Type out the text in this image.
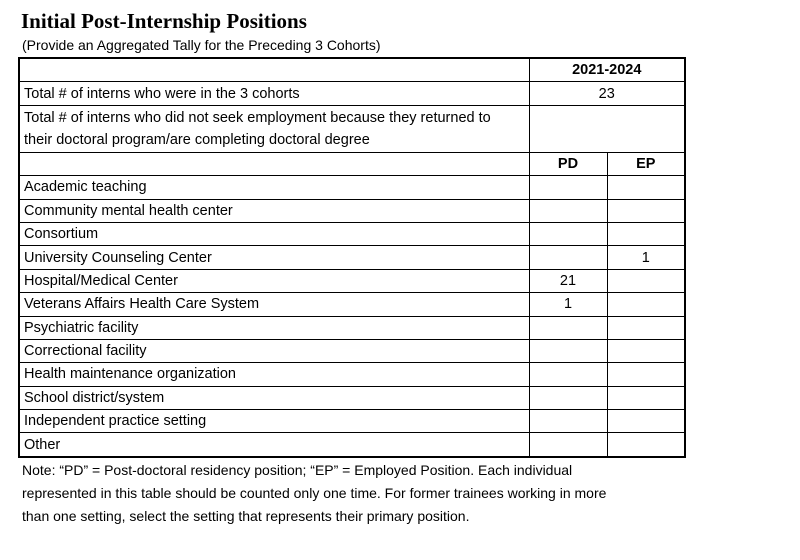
Initial Post-Internship Positions
(Provide an Aggregated Tally for the Preceding 3 Cohorts)
	2021-2024	
Total # of interns who were in the 3 cohorts	23	
Total # of interns who did not seek employment because they returned to
their doctoral program/are completing doctoral degree		
	PD	EP
Academic teaching		
Community mental health center		
Consortium		
University Counseling Center		1
Hospital/Medical Center	21	
Veterans Affairs Health Care System	1	
Psychiatric facility		
Correctional facility		
Health maintenance organization		
School district/system		
Independent practice setting		
Other		
Note: “PD” = Post-doctoral residency position; “EP” = Employed Position. Each individual
represented in this table should be counted only one time. For former trainees working in more
than one setting, select the setting that represents their primary position.
